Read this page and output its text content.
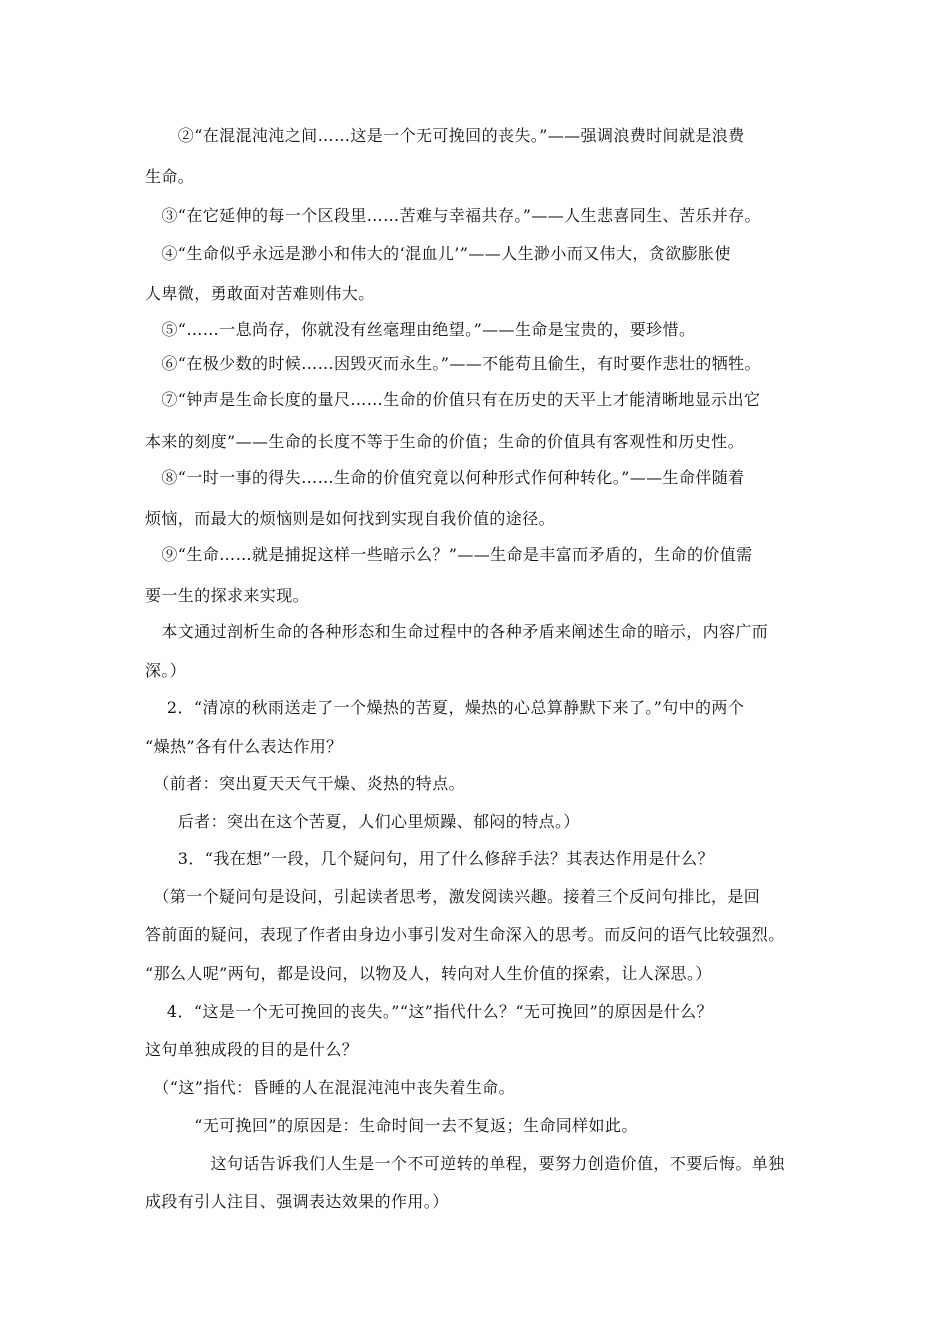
　　②“在混混沌沌之间……这是一个无可挽回的丧失。”——强调浪费时间就是浪费
生命。
　③“在它延伸的每一个区段里……苦难与幸福共存。”——人生悲喜同生、苦乐并存。
　④“生命似乎永远是渺小和伟大的‘混血儿’”——人生渺小而又伟大，贪欲膨胀使
人卑微，勇敢面对苦难则伟大。
　⑤“……一息尚存，你就没有丝毫理由绝望。”——生命是宝贵的，要珍惜。
　⑥“在极少数的时候……因毁灭而永生。”——不能苟且偷生，有时要作悲壮的牺牲。
　⑦“钟声是生命长度的量尺……生命的价值只有在历史的天平上才能清晰地显示出它
本来的刻度”——生命的长度不等于生命的价值；生命的价值具有客观性和历史性。
　⑧“一时一事的得失……生命的价值究竟以何种形式作何种转化。”——生命伴随着
烦恼，而最大的烦恼则是如何找到实现自我价值的途径。
　⑨“生命……就是捕捉这样一些暗示么？”——生命是丰富而矛盾的，生命的价值需
要一生的探求来实现。
　本文通过剖析生命的各种形态和生命过程中的各种矛盾来阐述生命的暗示，内容广而
深。）
　 2．“清凉的秋雨送走了一个燥热的苦夏，燥热的心总算静默下来了。”句中的两个
“燥热”各有什么表达作用？
　（前者：突出夏天天气干燥、炎热的特点。
　　后者：突出在这个苦夏，人们心里烦躁、郁闷的特点。）
　　3．“我在想”一段，几个疑问句，用了什么修辞手法？其表达作用是什么？
　（第一个疑问句是设问，引起读者思考，激发阅读兴趣。接着三个反问句排比，是回
答前面的疑问，表现了作者由身边小事引发对生命深入的思考。而反问的语气比较强烈。
“那么人呢”两句，都是设问，以物及人，转向对人生价值的探索，让人深思。）
　 4．“这是一个无可挽回的丧失。”“这”指代什么？“无可挽回”的原因是什么？
这句单独成段的目的是什么？
　（“这”指代：昏睡的人在混混沌沌中丧失着生命。
　　　“无可挽回”的原因是：生命时间一去不复返；生命同样如此。
　　　　这句话告诉我们人生是一个不可逆转的单程，要努力创造价值，不要后悔。单独
成段有引人注目、强调表达效果的作用。）
